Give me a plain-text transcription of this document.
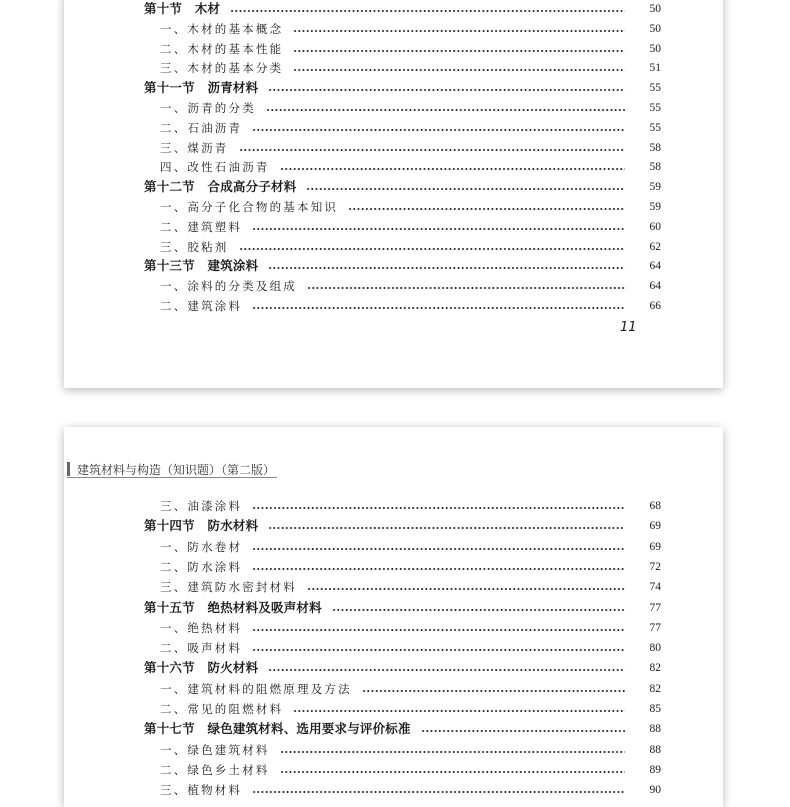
第十节　木材	50
一、木材的基本概念	50
二、木材的基本性能	50
三、木材的基本分类	51
第十一节　沥青材料	55
一、沥青的分类	55
二、石油沥青	55
三、煤沥青	58
四、改性石油沥青	58
第十二节　合成高分子材料	59
一、高分子化合物的基本知识	59
二、建筑塑料	60
三、胶粘剂	62
第十三节　建筑涂料	64
一、涂料的分类及组成	64
二、建筑涂料	66
11
建筑材料与构造（知识题）（第二版）
三、油漆涂料	68
第十四节　防水材料	69
一、防水卷材	69
二、防水涂料	72
三、建筑防水密封材料	74
第十五节　绝热材料及吸声材料	77
一、绝热材料	77
二、吸声材料	80
第十六节　防火材料	82
一、建筑材料的阻燃原理及方法	82
二、常见的阻燃材料	85
第十七节　绿色建筑材料、选用要求与评价标准	88
一、绿色建筑材料	88
二、绿色乡土材料	89
三、植物材料	90
